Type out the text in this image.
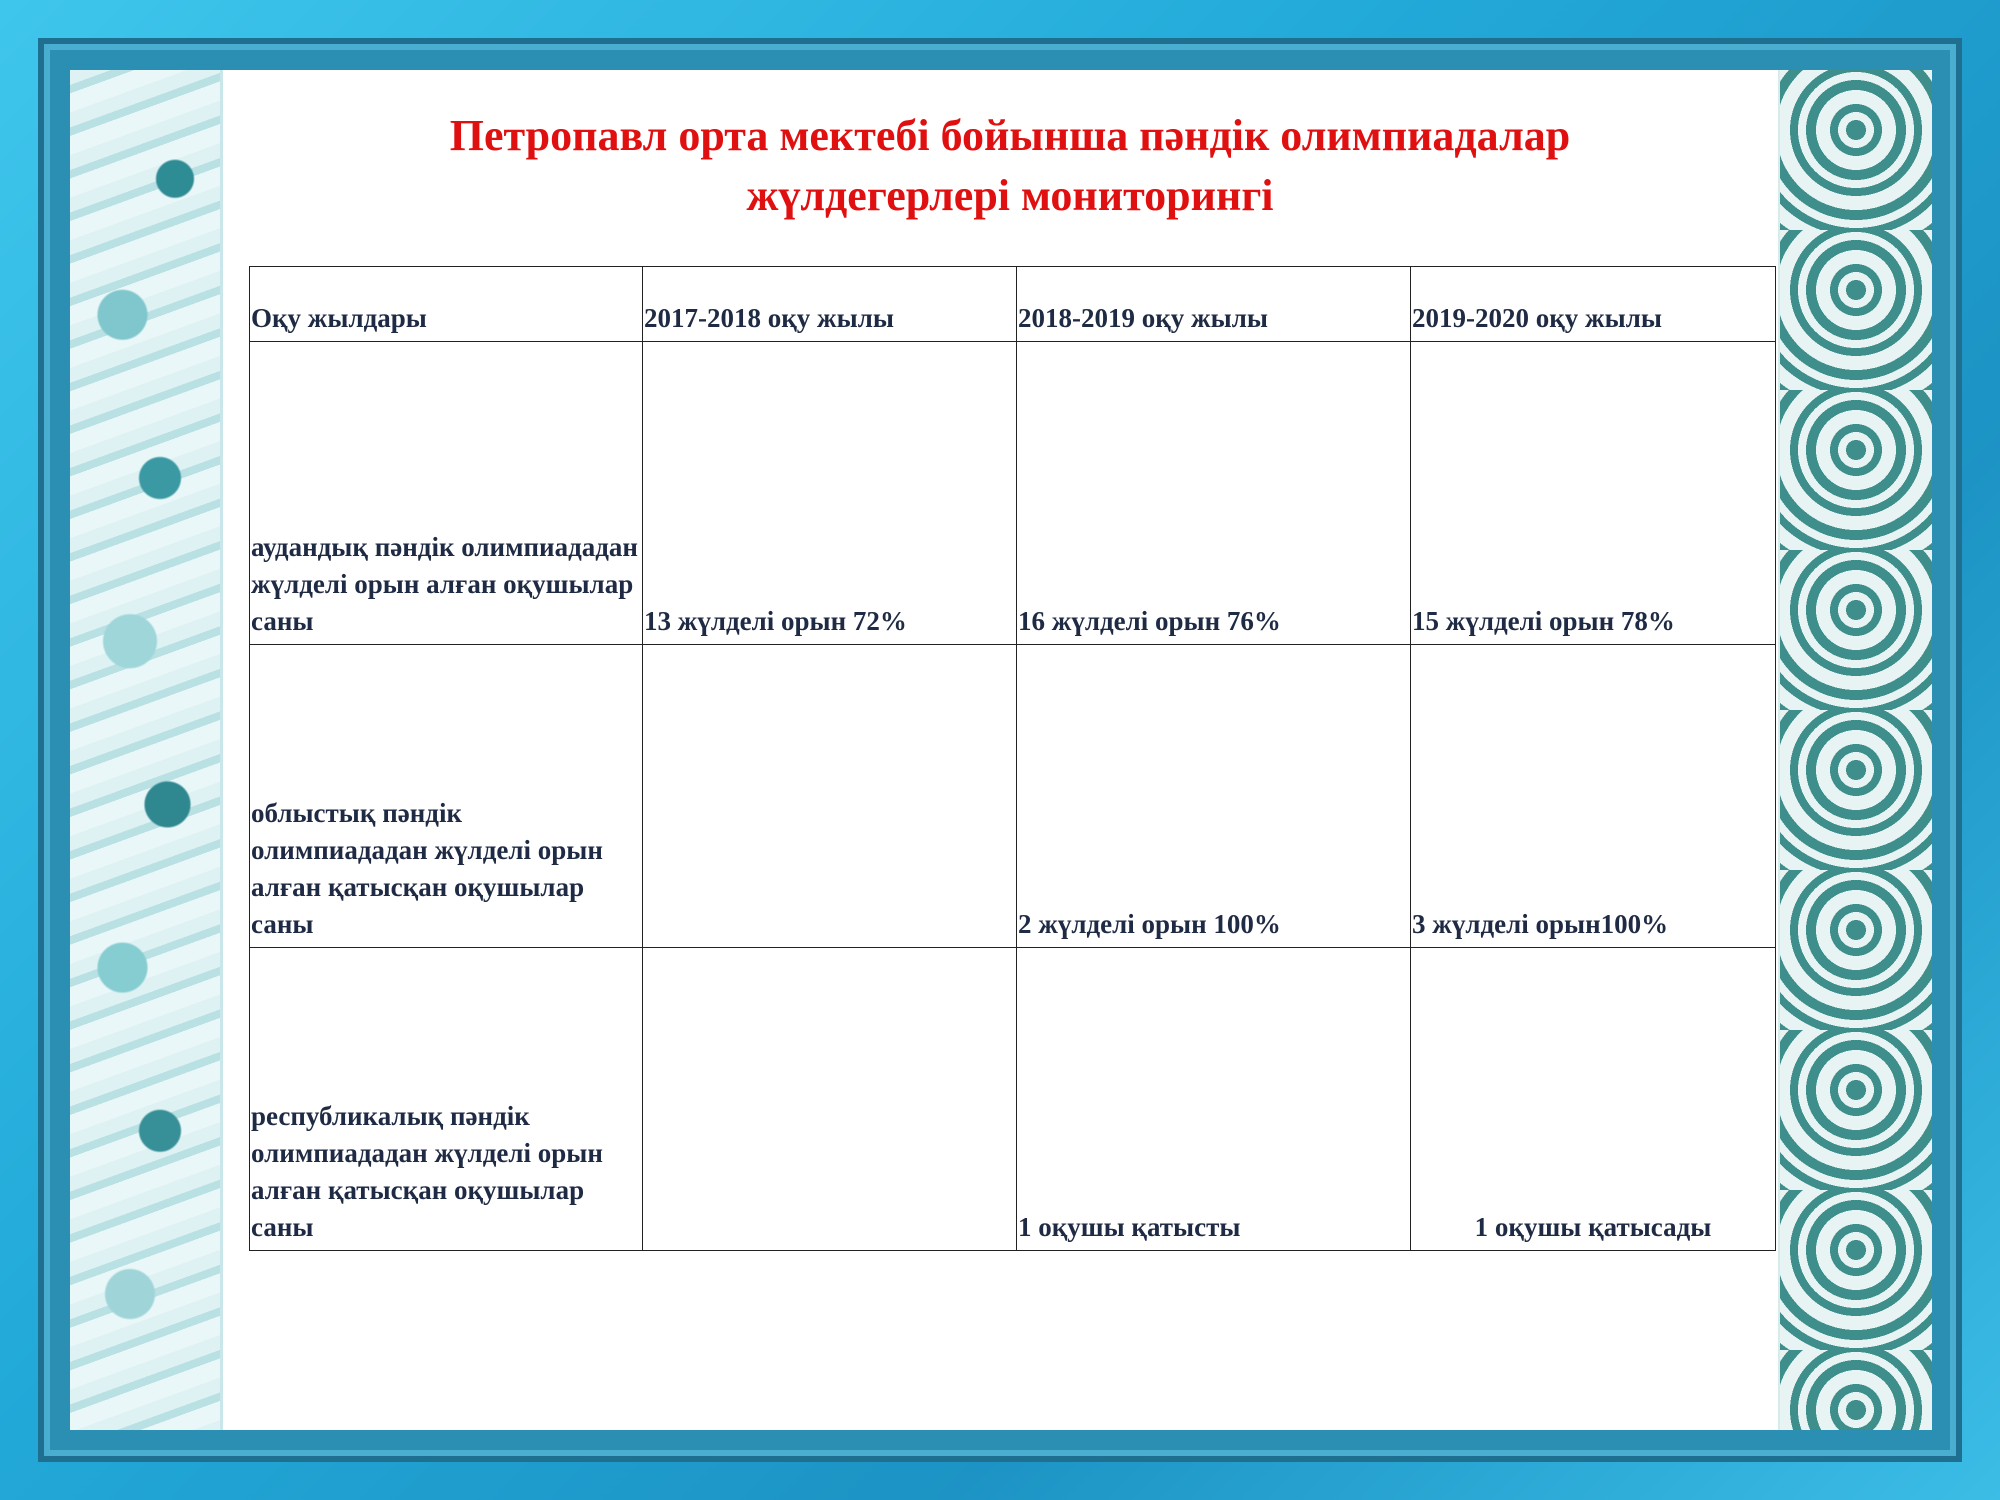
Петропавл орта мектебі бойынша пәндік олимпиадалар
жүлдегерлері мониторингі
Оқу жылдары	2017-2018 оқу жылы	2018-2019 оқу жылы	2019-2020 оқу жылы
аудандық пәндік олимпиададан жүлделі орын алған оқушылар саны	13 жүлделі орын 72%	16 жүлделі орын 76%	15 жүлделі орын 78%
облыстық пәндік олимпиададан жүлделі орын алған қатысқан оқушылар саны		2 жүлделі орын 100%	3 жүлделі орын100%
республикалық пәндік олимпиададан жүлделі орын алған қатысқан оқушылар саны		1 оқушы қатысты	1 оқушы қатысады
